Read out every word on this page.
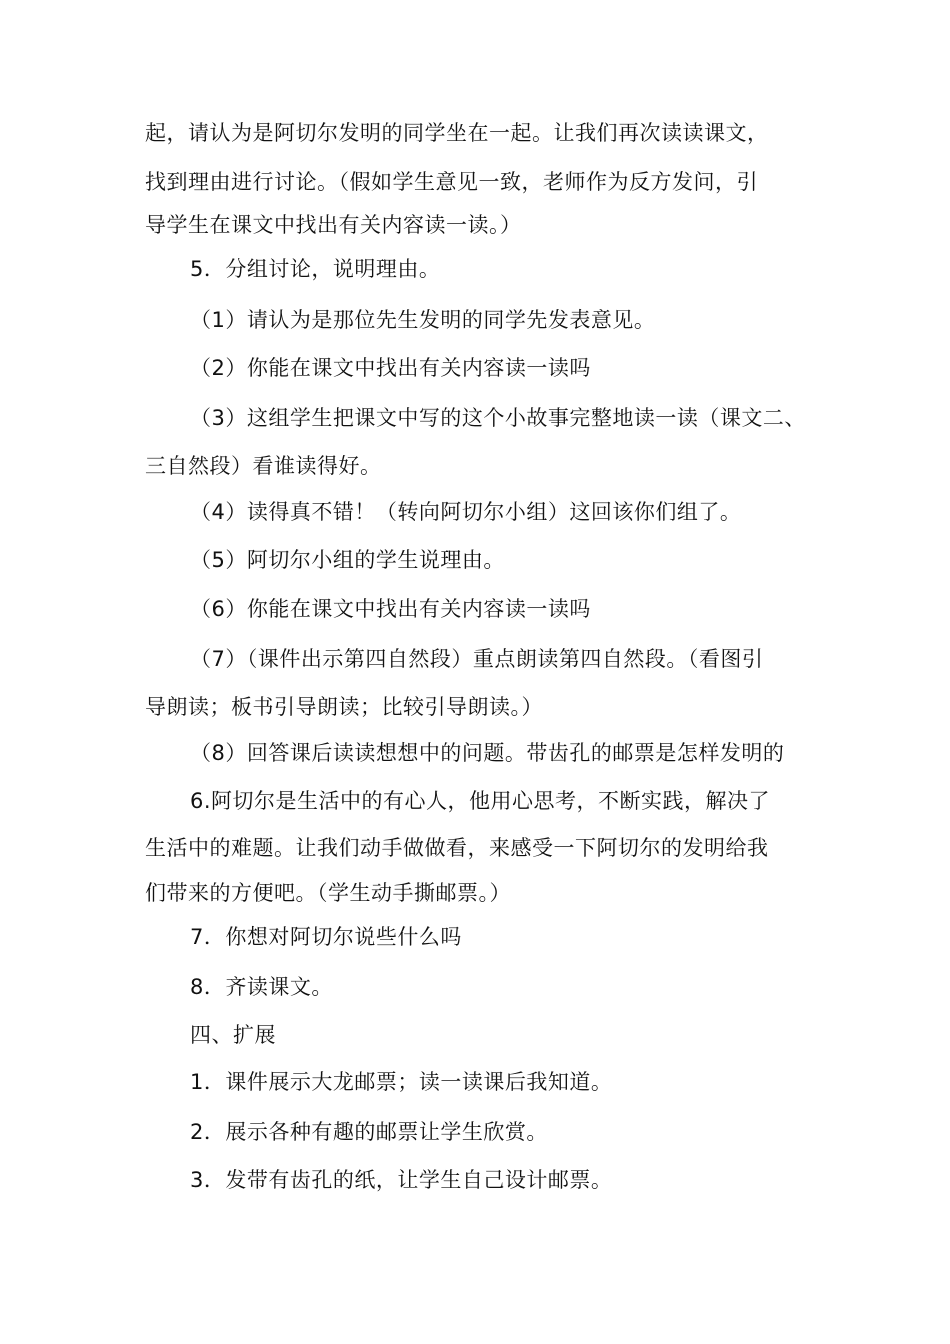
起，请认为是阿切尔发明的同学坐在一起。让我们再次读读课文，

找到理由进行讨论。（假如学生意见一致，老师作为反方发问，引

导学生在课文中找出有关内容读一读。）

5．分组讨论，说明理由。

（1）请认为是那位先生发明的同学先发表意见。

（2）你能在课文中找出有关内容读一读吗

（3）这组学生把课文中写的这个小故事完整地读一读（课文二、

三自然段）看谁读得好。

（4）读得真不错！（转向阿切尔小组）这回该你们组了。

（5）阿切尔小组的学生说理由。

（6）你能在课文中找出有关内容读一读吗

（7）（课件出示第四自然段）重点朗读第四自然段。（看图引

导朗读；板书引导朗读；比较引导朗读。）

（8）回答课后读读想想中的问题。带齿孔的邮票是怎样发明的

6.阿切尔是生活中的有心人，他用心思考，不断实践，解决了

生活中的难题。让我们动手做做看，来感受一下阿切尔的发明给我

们带来的方便吧。（学生动手撕邮票。）

7．你想对阿切尔说些什么吗

8．齐读课文。

四、扩展

1．课件展示大龙邮票；读一读课后我知道。

2．展示各种有趣的邮票让学生欣赏。

3．发带有齿孔的纸，让学生自己设计邮票。
